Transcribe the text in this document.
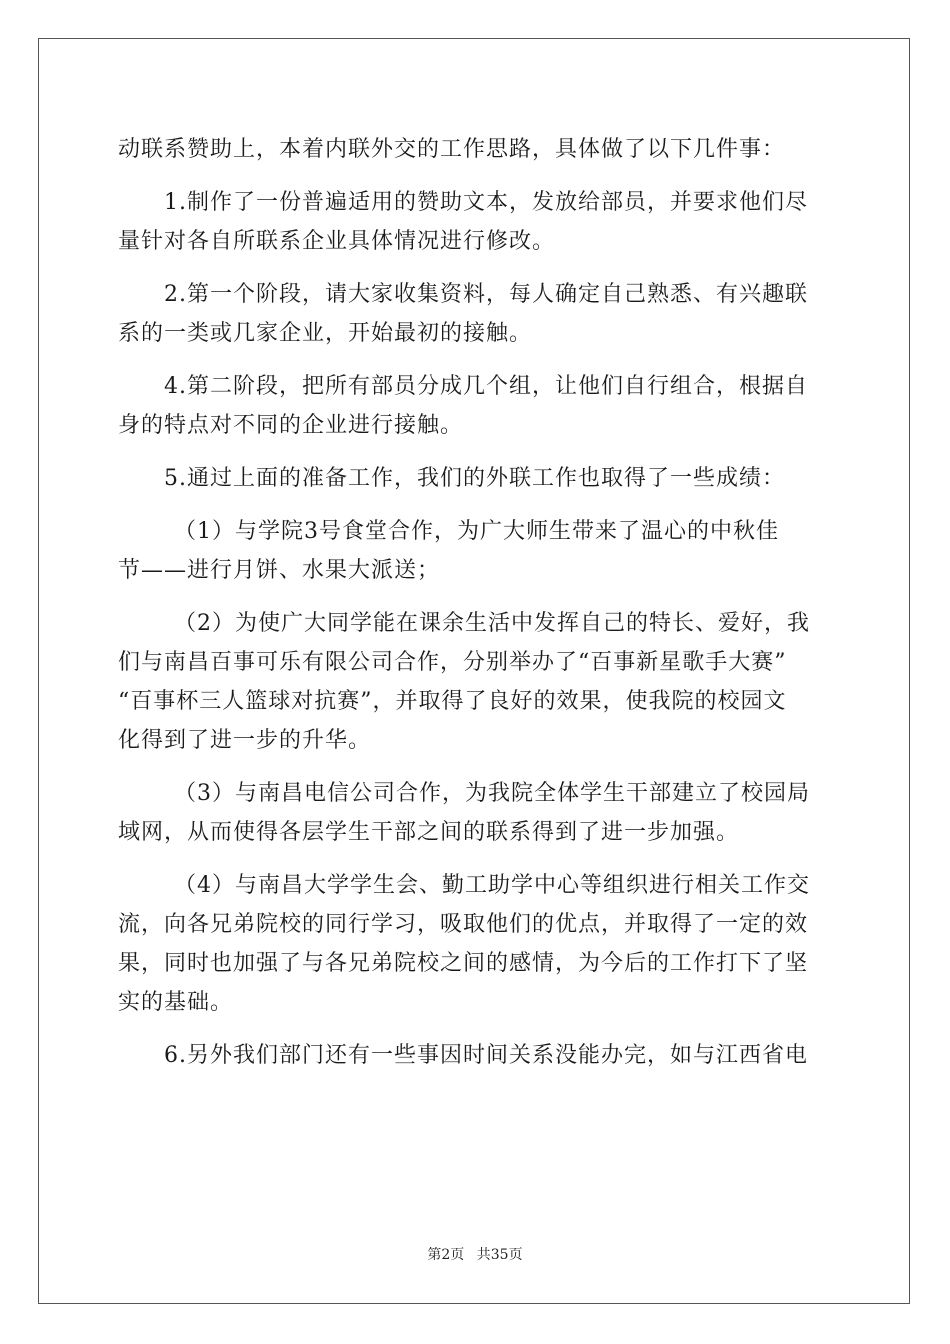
动联系赞助上，本着内联外交的工作思路，具体做了以下几件事：
1.制作了一份普遍适用的赞助文本，发放给部员，并要求他们尽
量针对各自所联系企业具体情况进行修改。
2.第一个阶段，请大家收集资料，每人确定自己熟悉、有兴趣联
系的一类或几家企业，开始最初的接触。
4.第二阶段，把所有部员分成几个组，让他们自行组合，根据自
身的特点对不同的企业进行接触。
5.通过上面的准备工作，我们的外联工作也取得了一些成绩：
（1）与学院3号食堂合作，为广大师生带来了温心的中秋佳
节——进行月饼、水果大派送；
（2）为使广大同学能在课余生活中发挥自己的特长、爱好，我
们与南昌百事可乐有限公司合作，分别举办了“百事新星歌手大赛”
“百事杯三人篮球对抗赛”，并取得了良好的效果，使我院的校园文
化得到了进一步的升华。
（3）与南昌电信公司合作，为我院全体学生干部建立了校园局
域网，从而使得各层学生干部之间的联系得到了进一步加强。
（4）与南昌大学学生会、勤工助学中心等组织进行相关工作交
流，向各兄弟院校的同行学习，吸取他们的优点，并取得了一定的效
果，同时也加强了与各兄弟院校之间的感情，为今后的工作打下了坚
实的基础。
6.另外我们部门还有一些事因时间关系没能办完，如与江西省电
第2页 共35页
